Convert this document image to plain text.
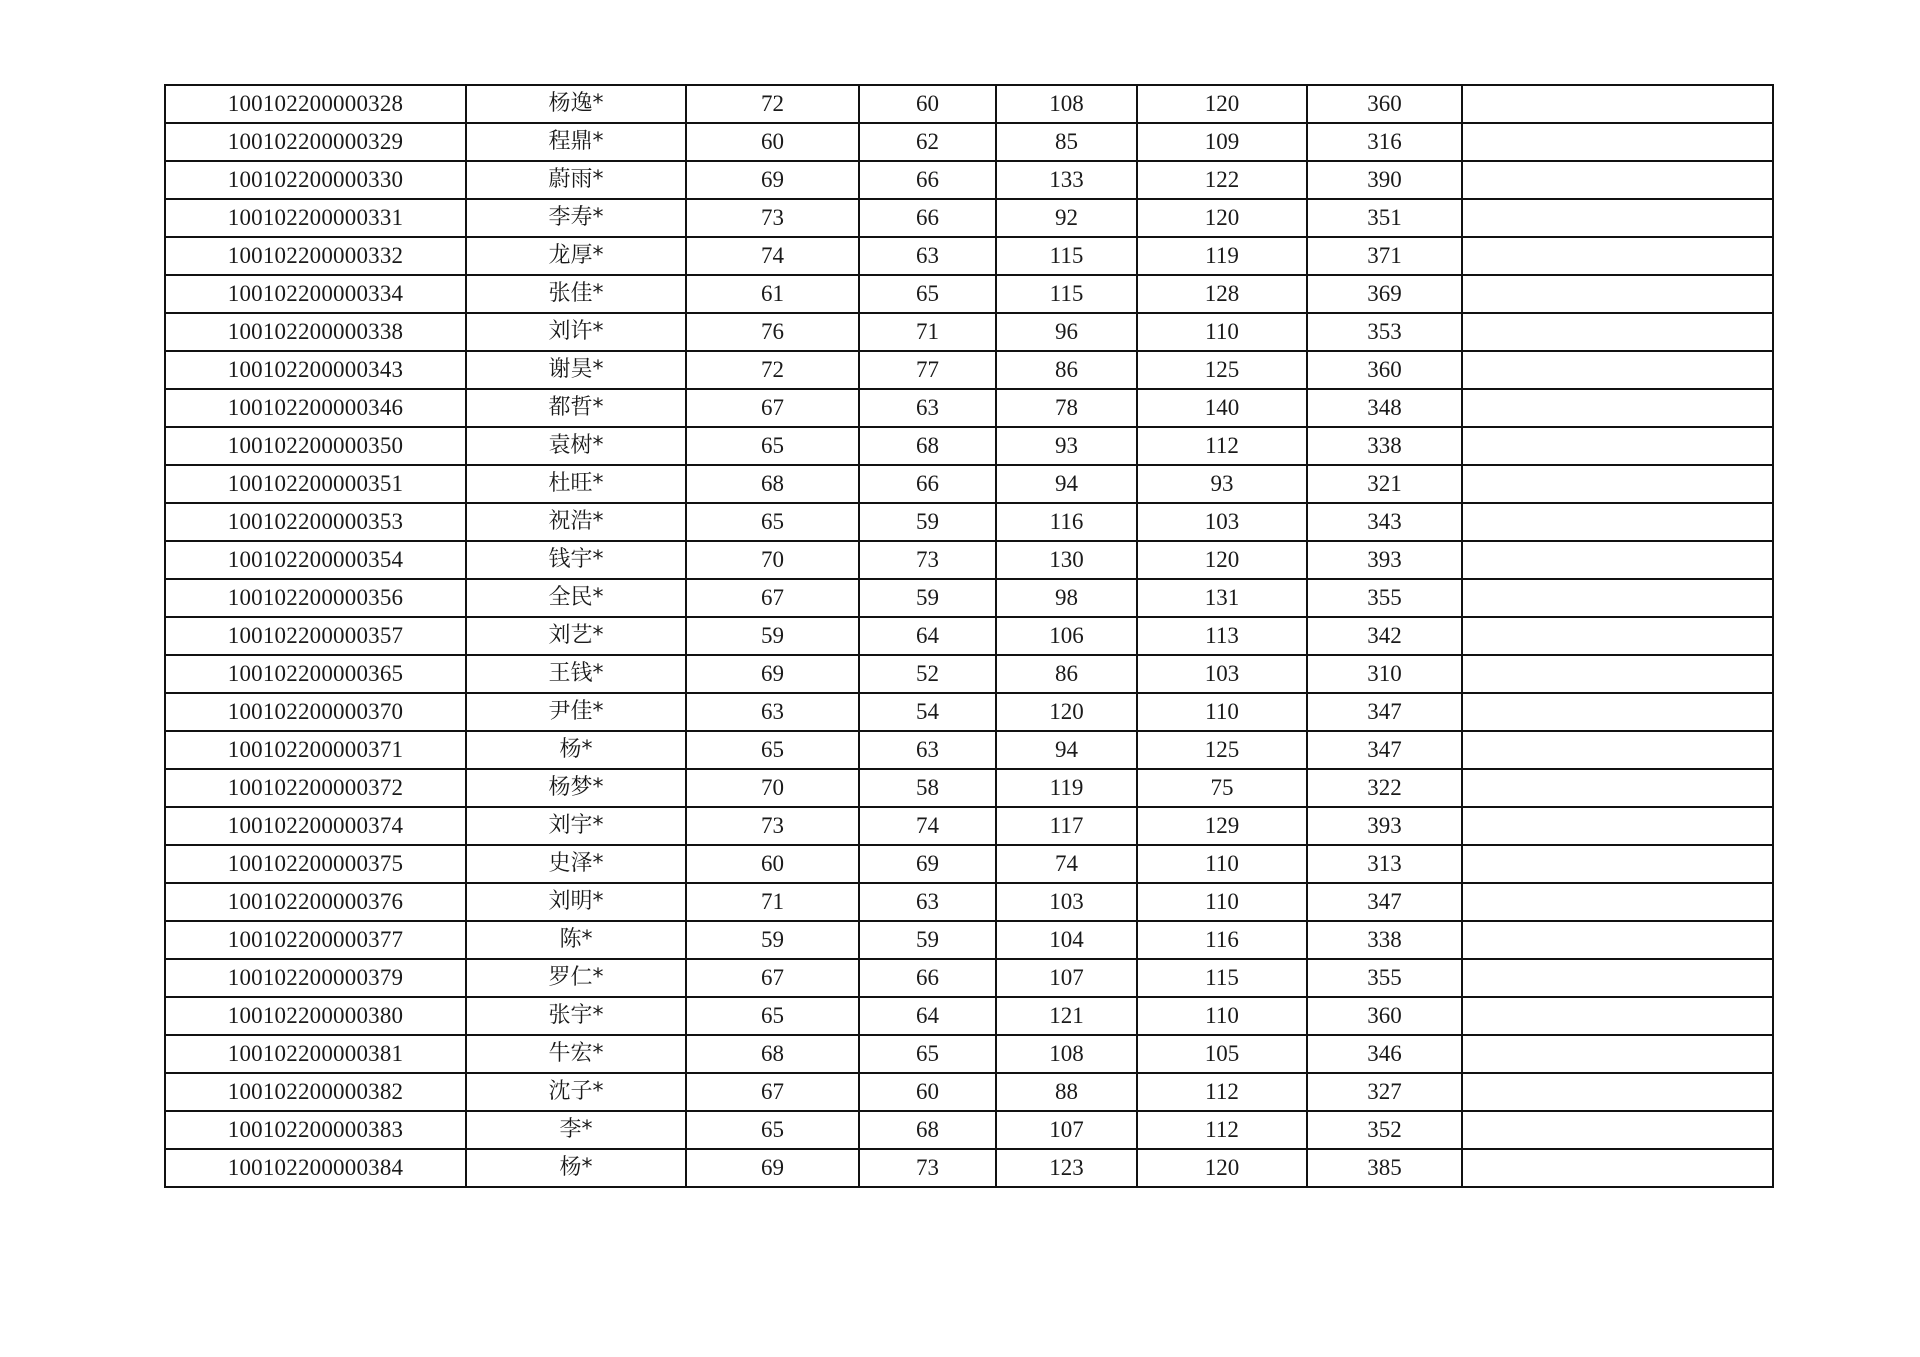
100102200000328	杨逸*	72	60	108	120	360	
100102200000329	程鼎*	60	62	85	109	316	
100102200000330	蔚雨*	69	66	133	122	390	
100102200000331	李寿*	73	66	92	120	351	
100102200000332	龙厚*	74	63	115	119	371	
100102200000334	张佳*	61	65	115	128	369	
100102200000338	刘许*	76	71	96	110	353	
100102200000343	谢昊*	72	77	86	125	360	
100102200000346	都哲*	67	63	78	140	348	
100102200000350	袁树*	65	68	93	112	338	
100102200000351	杜旺*	68	66	94	93	321	
100102200000353	祝浩*	65	59	116	103	343	
100102200000354	钱宇*	70	73	130	120	393	
100102200000356	全民*	67	59	98	131	355	
100102200000357	刘艺*	59	64	106	113	342	
100102200000365	王钱*	69	52	86	103	310	
100102200000370	尹佳*	63	54	120	110	347	
100102200000371	杨*	65	63	94	125	347	
100102200000372	杨梦*	70	58	119	75	322	
100102200000374	刘宇*	73	74	117	129	393	
100102200000375	史泽*	60	69	74	110	313	
100102200000376	刘明*	71	63	103	110	347	
100102200000377	陈*	59	59	104	116	338	
100102200000379	罗仁*	67	66	107	115	355	
100102200000380	张宇*	65	64	121	110	360	
100102200000381	牛宏*	68	65	108	105	346	
100102200000382	沈子*	67	60	88	112	327	
100102200000383	李*	65	68	107	112	352	
100102200000384	杨*	69	73	123	120	385	
